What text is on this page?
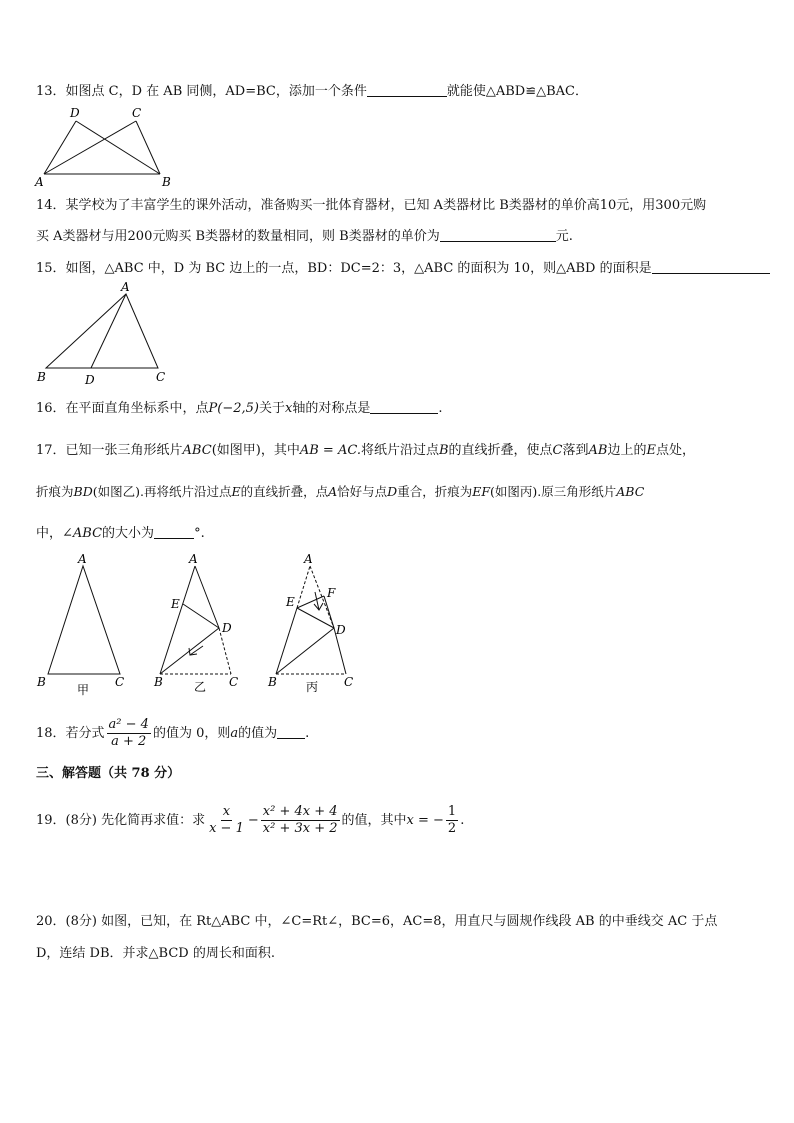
13．如图点 C，D 在 AB 同侧，AD=BC，添加一个条件	就能使△ABD≌△BAC．
D	C
A	B
14．某学校为了丰富学生的课外活动，准备购买一批体育器材，已知 A类器材比 B类器材的单价高10元，用300元购
买 A类器材与用200元购买 B类器材的数量相同，则 B类器材的单价为	元.
15．如图，△ABC 中，D 为 BC 边上的一点，BD：DC=2：3，△ABC 的面积为 10，则△ABD 的面积是
A
B	D	C
16．在平面直角坐标系中，点P(−2,5)关于x轴的对称点是	.
17．已知一张三角形纸片ABC(如图甲)，其中AB = AC.将纸片沿过点B的直线折叠，使点C落到AB边上的E点处，
折痕为BD(如图乙).再将纸片沿过点E的直线折叠，点A恰好与点D重合，折痕为EF(如图丙).原三角形纸片ABC
中，∠ABC的大小为	°.
A
B	C
甲
A
E
D
B	C
乙
A
E
F
D
B	C
丙
18．若分式 $\frac{\text{a² − 4}}{a + 2}$ 的值为 0，则a的值为 .
三、解答题（共 78 分）
19．(8分) 先化简再求值：求 $\frac{x}{x - 1} - \frac{\text{x² + 4x + 4}}{\text{x² + 3x + 2}}$ 的值，其中x = − $\frac{1}{2}$ .
20．(8分) 如图，已知，在 Rt△ABC 中，∠C=Rt∠，BC=6，AC=8，用直尺与圆规作线段 AB 的中垂线交 AC 于点
D，连结 DB．并求△BCD 的周长和面积.
